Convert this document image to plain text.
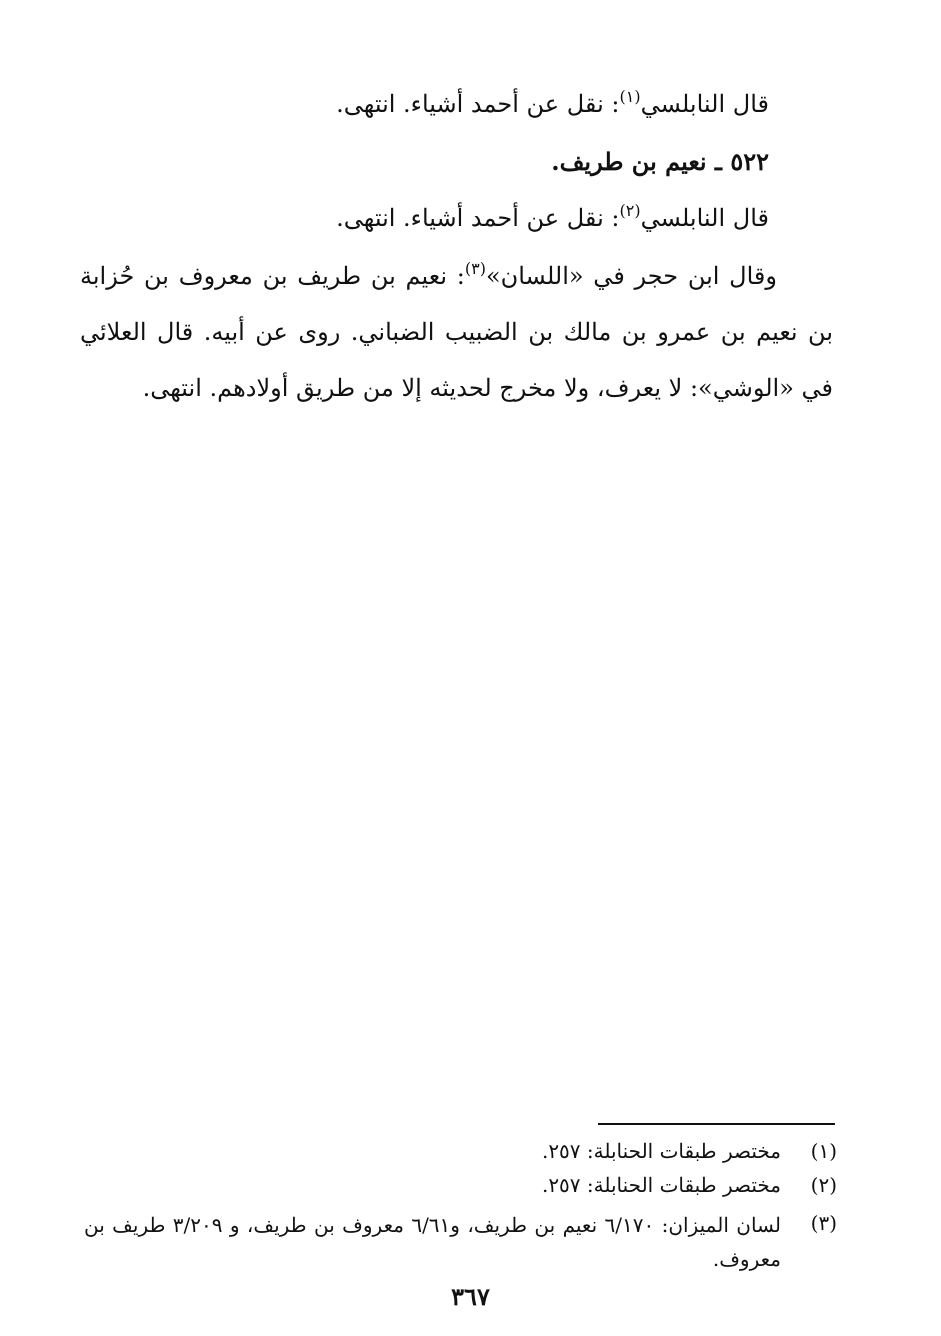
قال النابلسي$^{(١)}$: نقل عن أحمد أشياء. انتهى.
٥٢٢ ـ نعيم بن طريف.
قال النابلسي$^{(٢)}$: نقل عن أحمد أشياء. انتهى.
وقال ابن حجر في «اللسان»$^{(٣)}$: نعيم بن طريف بن معروف بن حُزابة بن نعيم بن عمرو بن مالك بن الضبيب الضباني. روى عن أبيه. قال العلائي في «الوشي»: لا يعرف، ولا مخرج لحديثه إلا من طريق أولادهم. انتهى.
(١)
مختصر طبقات الحنابلة: ٢٥٧.
(٢)
مختصر طبقات الحنابلة: ٢٥٧.
(٣)
لسان الميزان: ٦/١٧٠ نعيم بن طريف، و٦/٦١ معروف بن طريف، و ٣/٢٠٩ طريف بن معروف.
٣٦٧
